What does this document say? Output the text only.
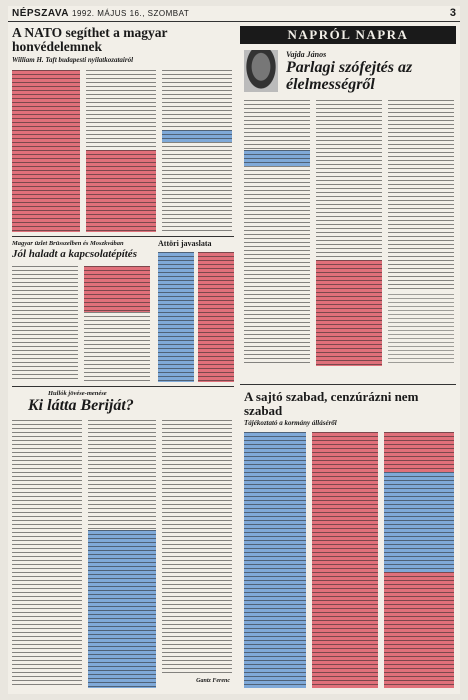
NÉPSZAVA 1992. MÁJUS 16., SZOMBAT	3
A NATO segíthet a magyar honvédelemnek
William H. Taft budapesti nyilatkozatairól
NAPRÓL NAPRA
Vajda János
Parlagi szófejtés az élelmességről
Magyar üzlet Brüsszelben és Moszkvában
Jól haladt a kapcsolatépítés
Áttöri javaslata
Hullók jövése-menése
Ki látta Beriját?
Gantz Ferenc
A sajtó szabad, cenzúrázni nem szabad
Tájékoztató a kormány álláséről
